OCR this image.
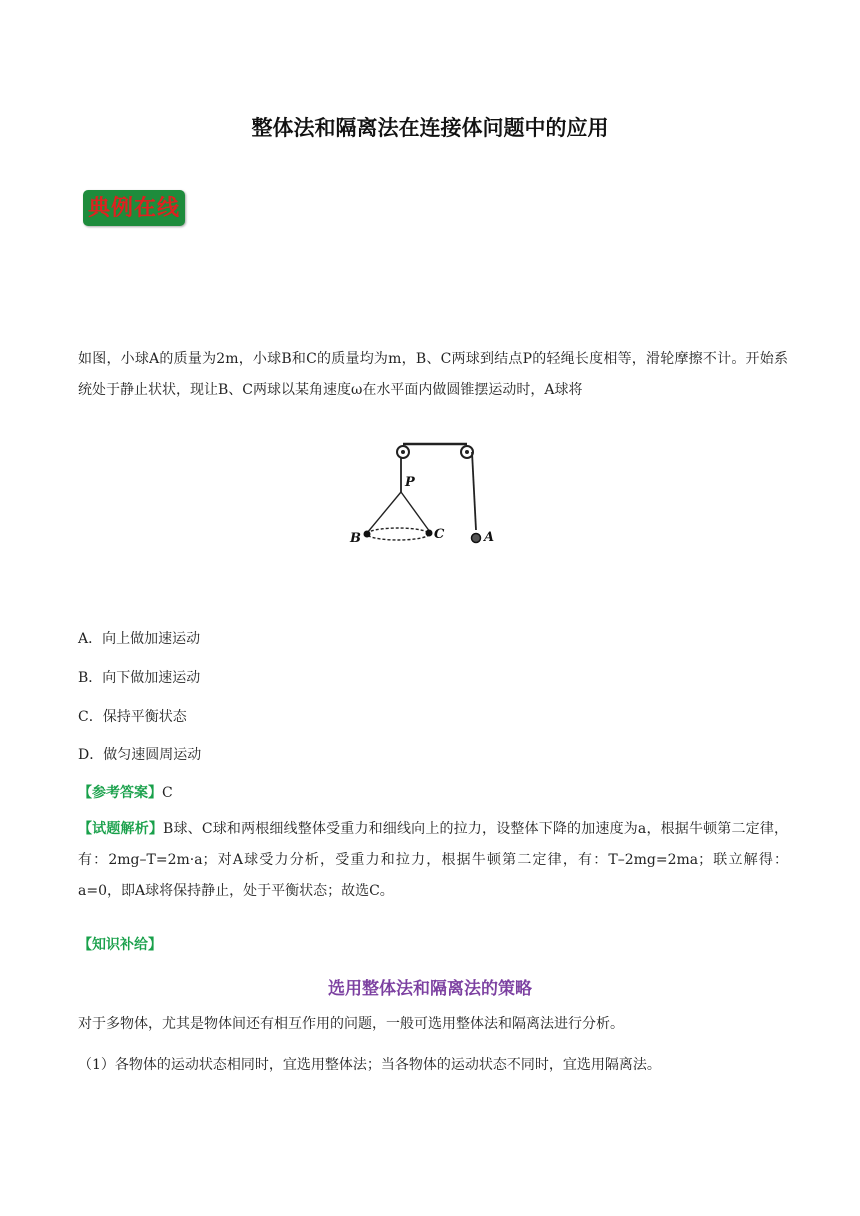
整体法和隔离法在连接体问题中的应用
典例在线

如图，小球A的质量为2m，小球B和C的质量均为m，B、C两球到结点P的轻绳长度相等，滑轮摩擦不计。开始系统处于静止状状，现让B、C两球以某角速度ω在水平面内做圆锥摆运动时，A球将

P
B	C	A

A．向上做加速运动

B．向下做加速运动

C．保持平衡状态

D．做匀速圆周运动

【参考答案】C

【试题解析】B球、C球和两根细线整体受重力和细线向上的拉力，设整体下降的加速度为a，根据牛顿第二定律，有：2mg–T=2m·a；对A球受力分析，受重力和拉力，根据牛顿第二定律，有：T–2mg=2ma；联立解得：a=0，即A球将保持静止，处于平衡状态；故选C。

【知识补给】

选用整体法和隔离法的策略

对于多物体，尤其是物体间还有相互作用的问题，一般可选用整体法和隔离法进行分析。

（1）各物体的运动状态相同时，宜选用整体法；当各物体的运动状态不同时，宜选用隔离法。
